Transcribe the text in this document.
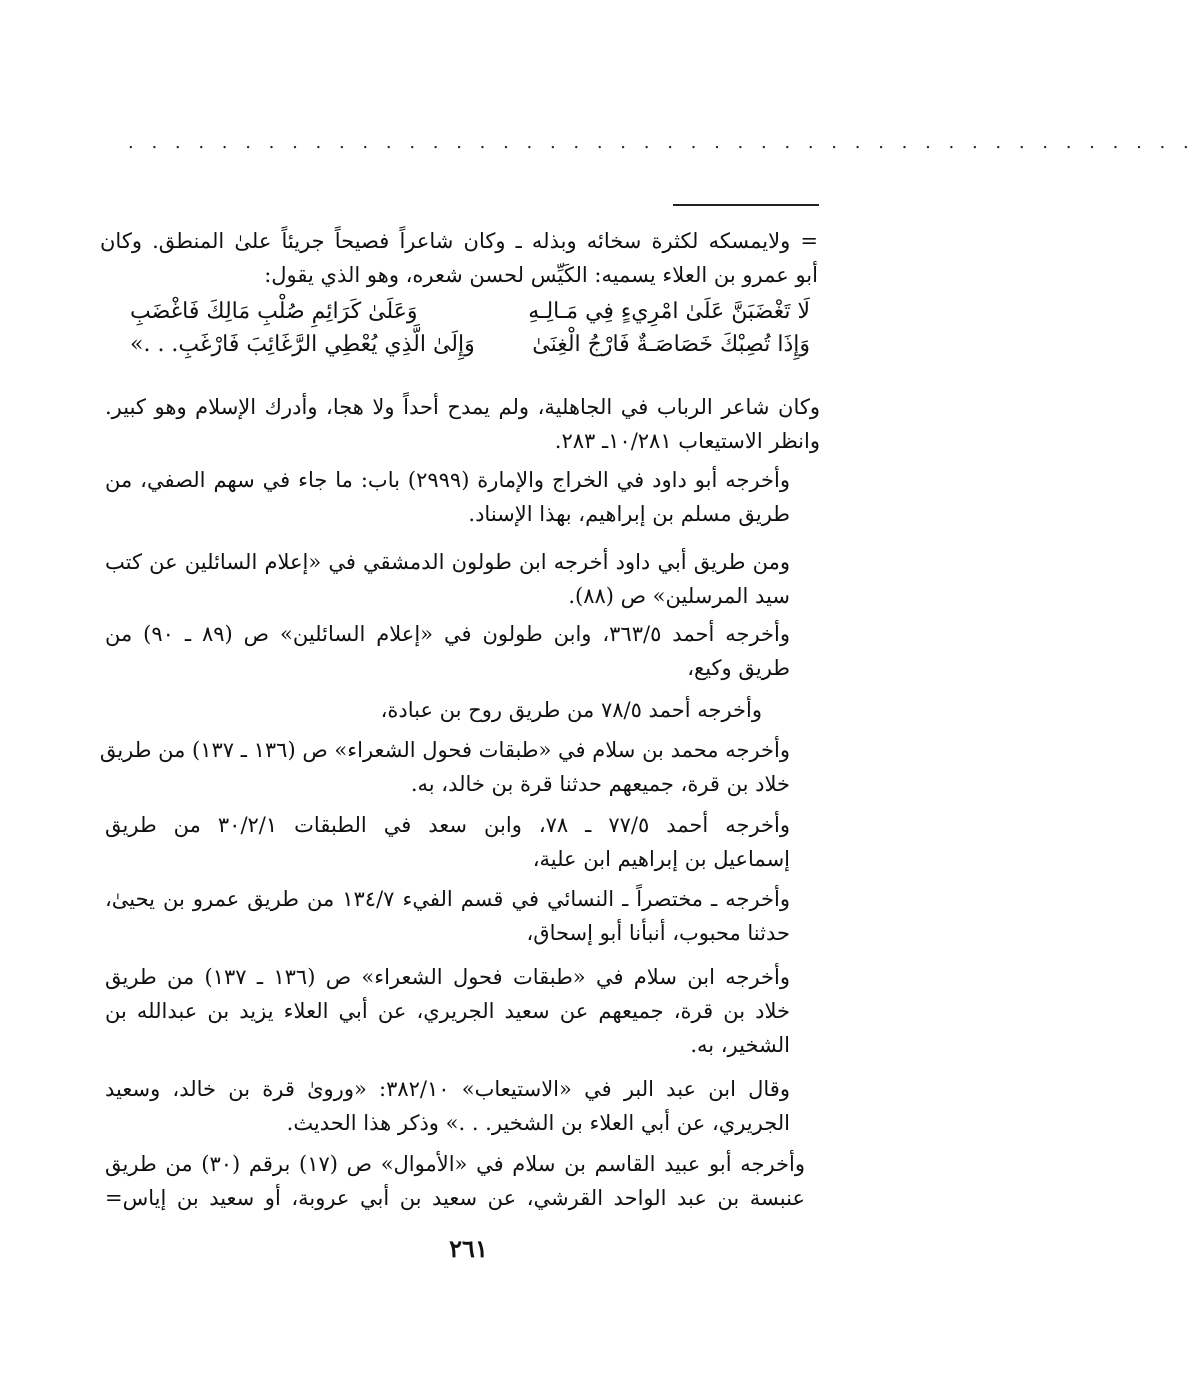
. . . . . . . . . . . . . . . . . . . . . . . . . . . . . . . . . . . . . . . . . . . . . .
= ولايمسكه لكثرة سخائه وبذله ـ وكان شاعراً فصيحاً جريئاً علىٰ المنطق. وكان
أبو عمرو بن العلاء يسميه: الكَيِّس لحسن شعره، وهو الذي يقول:
لَا تَغْضَبَنَّ عَلَىٰ امْرِيءٍ فِي مَـالِـهِ
وَعَلَىٰ كَرَائِمِ صُلْبِ مَالِكَ فَاغْضَبِ
وَإِذَا تُصِبْكَ خَصَاصَـةٌ فَارْجُ الْغِنَىٰ
وَإِلَىٰ الَّذِي يُعْطِي الرَّغَائِبَ فَارْغَبِ. . .»
وكان شاعر الرباب في الجاهلية، ولم يمدح أحداً ولا هجا، وأدرك الإسلام وهو كبير.
وانظر الاستيعاب ١٠/٢٨١ـ ٢٨٣.
وأخرجه أبو داود في الخراج والإمارة (٢٩٩٩) باب: ما جاء في سهم الصفي، من
طريق مسلم بن إبراهيم، بهذا الإسناد.
ومن طريق أبي داود أخرجه ابن طولون الدمشقي في «إعلام السائلين عن كتب
سيد المرسلين» ص (٨٨).
وأخرجه أحمد ٣٦٣/٥، وابن طولون في «إعلام السائلين» ص (٨٩ ـ ٩٠) من
طريق وكيع،
وأخرجه أحمد ٧٨/٥ من طريق روح بن عبادة،
وأخرجه محمد بن سلام في «طبقات فحول الشعراء» ص (١٣٦ ـ ١٣٧) من طريق
خلاد بن قرة، جميعهم حدثنا قرة بن خالد، به.
وأخرجه أحمد ٧٧/٥ ـ ٧٨، وابن سعد في الطبقات ٣٠/٢/١ من طريق
إسماعيل بن إبراهيم ابن علية،
وأخرجه ـ مختصراً ـ النسائي في قسم الفيء ١٣٤/٧ من طريق عمرو بن يحيىٰ،
حدثنا محبوب، أنبأنا أبو إسحاق،
وأخرجه ابن سلام في «طبقات فحول الشعراء» ص (١٣٦ ـ ١٣٧) من طريق
خلاد بن قرة، جميعهم عن سعيد الجريري، عن أبي العلاء يزيد بن عبدالله بن
الشخير، به.
وقال ابن عبد البر في «الاستيعاب» ٣٨٢/١٠: «وروىٰ قرة بن خالد، وسعيد
الجريري، عن أبي العلاء بن الشخير. . .» وذكر هذا الحديث.
وأخرجه أبو عبيد القاسم بن سلام في «الأموال» ص (١٧) برقم (٣٠) من طريق
عنبسة بن عبد الواحد القرشي، عن سعيد بن أبي عروبة، أو سعيد بن إياس=
٢٦١
